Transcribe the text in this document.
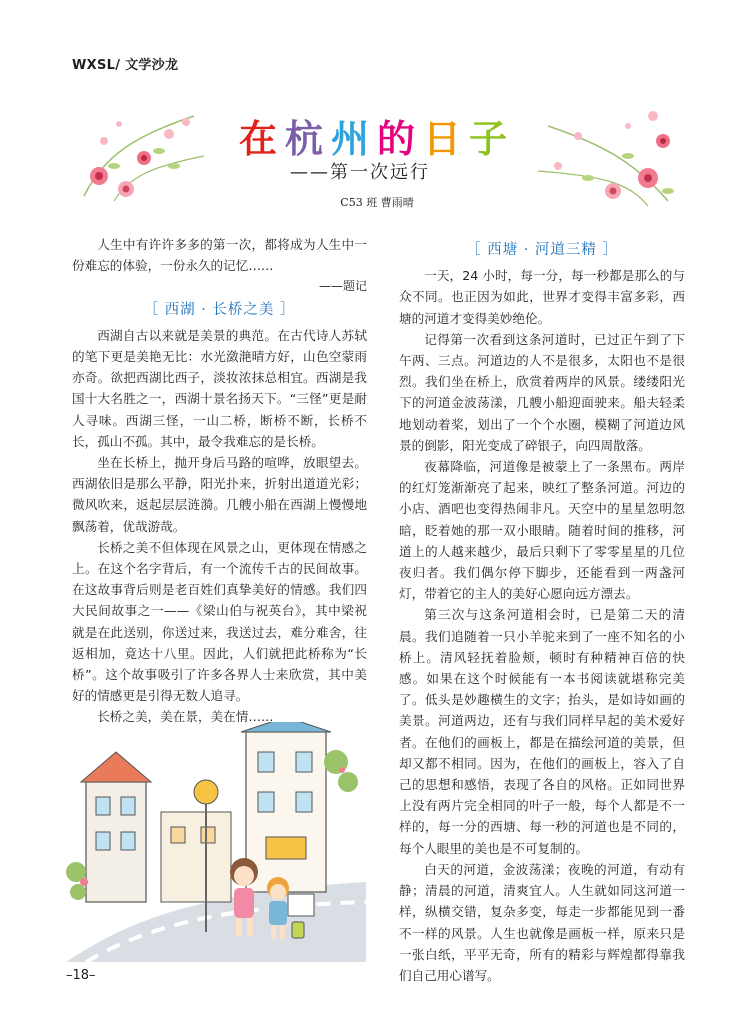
WXSL/ 文学沙龙
在杭州的日子
——第一次远行
C53 班 曹雨晴

人生中有许许多多的第一次，都将成为人生中一份难忘的体验，一份永久的记忆……

——题记

［ 西湖 · 长桥之美 ］

西湖自古以来就是美景的典范。在古代诗人苏轼的笔下更是美艳无比：水光潋滟晴方好，山色空蒙雨亦奇。欲把西湖比西子，淡妆浓抹总相宜。西湖是我国十大名胜之一，西湖十景名扬天下。“三怪”更是耐人寻味。西湖三怪，一山二桥，断桥不断，长桥不长，孤山不孤。其中，最令我难忘的是长桥。

坐在长桥上，抛开身后马路的喧哗，放眼望去。西湖依旧是那么平静，阳光扑来，折射出道道光彩；微风吹来，返起层层涟漪。几艘小船在西湖上慢慢地飘荡着，优哉游哉。

长桥之美不但体现在风景之山，更体现在情感之上。在这个名字背后，有一个流传千古的民间故事。在这故事背后则是老百姓们真挚美好的情感。我们四大民间故事之一——《梁山伯与祝英台》，其中梁祝就是在此送别，你送过来，我送过去，难分难舍，往返相加，竟达十八里。因此，人们就把此桥称为“长桥”。这个故事吸引了许多各界人士来欣赏，其中美好的情感更是引得无数人追寻。

长桥之美，美在景，美在情……

［ 西塘 · 河道三精 ］

一天，24 小时，每一分，每一秒都是那么的与众不同。也正因为如此，世界才变得丰富多彩，西塘的河道才变得美妙绝伦。

记得第一次看到这条河道时，已过正午到了下午两、三点。河道边的人不是很多，太阳也不是很烈。我们坐在桥上，欣赏着两岸的风景。缕缕阳光下的河道金波荡漾，几艘小船迎面驶来。船夫轻柔地划动着桨，划出了一个个水圈，模糊了河道边风景的倒影，阳光变成了碎银子，向四周散落。

夜幕降临，河道像是被蒙上了一条黑布。两岸的红灯笼渐渐亮了起来，映红了整条河道。河边的小店、酒吧也变得热闹非凡。天空中的星星忽明忽暗，眨着她的那一双小眼睛。随着时间的推移，河道上的人越来越少，最后只剩下了零零星星的几位夜归者。我们偶尔停下脚步，还能看到一两盏河灯，带着它的主人的美好心愿向远方漂去。

第三次与这条河道相会时，已是第二天的清晨。我们追随着一只小羊驼来到了一座不知名的小桥上。清风轻抚着脸颊，顿时有种精神百倍的快感。如果在这个时候能有一本书阅读就堪称完美了。低头是妙趣横生的文字；抬头，是如诗如画的美景。河道两边，还有与我们同样早起的美术爱好者。在他们的画板上，都是在描绘河道的美景，但却又都不相同。因为，在他们的画板上，容入了自己的思想和感悟，表现了各自的风格。正如同世界上没有两片完全相同的叶子一般，每个人都是不一样的，每一分的西塘、每一秒的河道也是不同的，每个人眼里的美也是不可复制的。

白天的河道，金波荡漾；夜晚的河道，有动有静；清晨的河道，清爽宜人。人生就如同这河道一样，纵横交错，复杂多变，每走一步都能见到一番不一样的风景。人生也就像是画板一样，原来只是一张白纸，平平无奇，所有的精彩与辉煌都得靠我们自己用心谱写。

–18–
